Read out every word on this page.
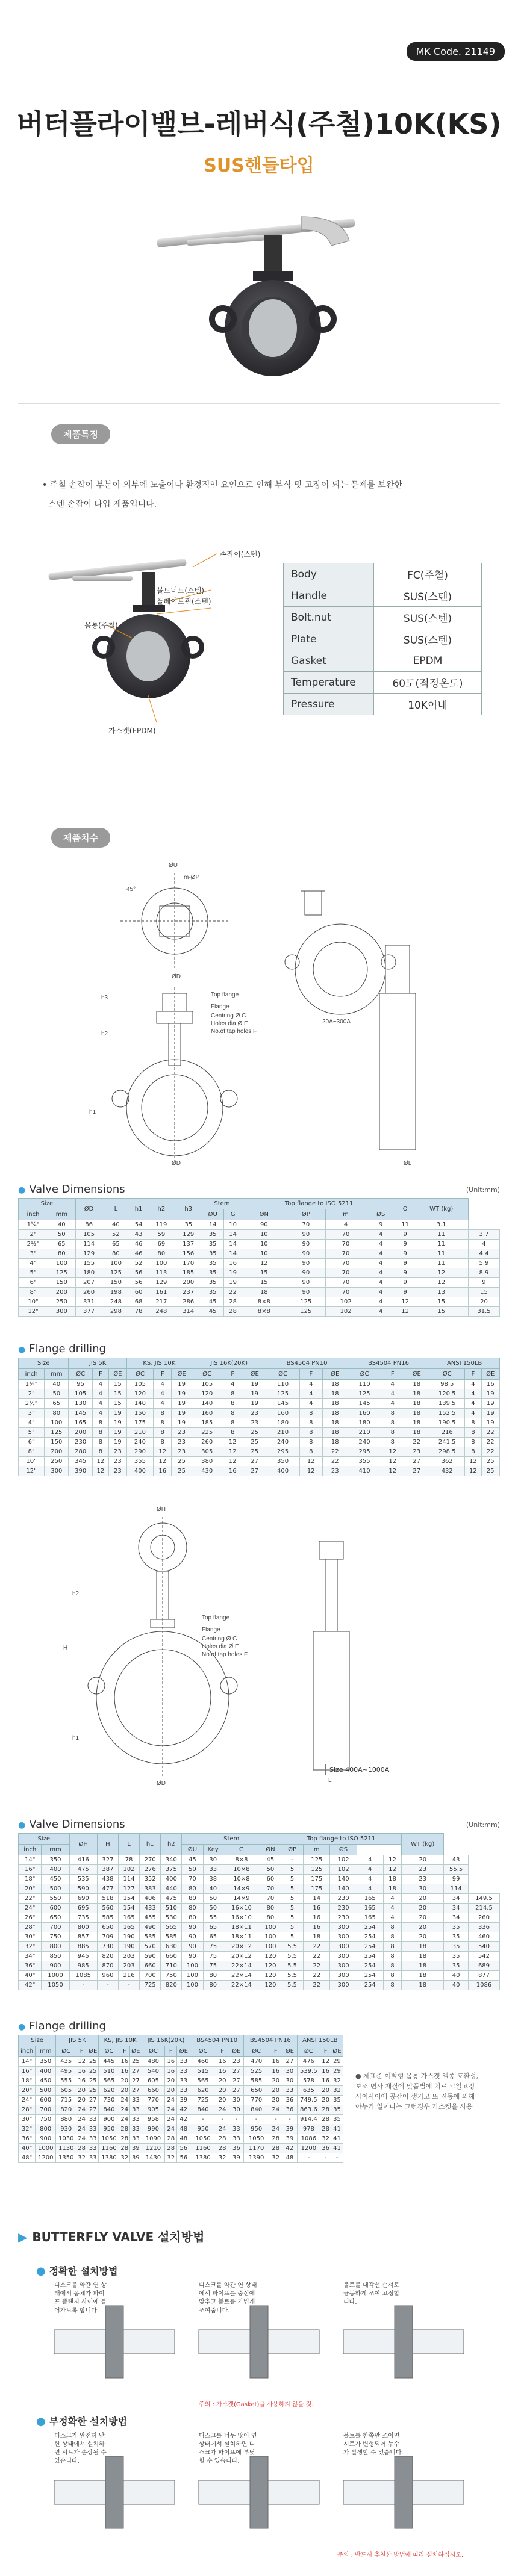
MK Code. 21149
버터플라이밸브-레버식(주철)10K(KS)
SUS핸들타입
제품특징
• 주철 손잡이 부분이 외부에 노출이나 환경적인 요인으로 인해 부식 및 고장이 되는 문제를 보완한
스텐 손잡이 타입 제품입니다.
손잡이(스텐)
볼트너트(스텐)
플레이트핀(스텐)
몸통(주철)
가스켓(EPDM)
Body	FC(주철)
Handle	SUS(스텐)
Bolt.nut	SUS(스텐)
Plate	SUS(스텐)
Gasket	EPDM
Temperature	60도(적정온도)
Pressure	10K이내
제품치수
ØU
m-ØP
ØD
ØD	ØL
h1
h2
h3
45°
20A~300A
Top flange
Flange
Centring Ø C
Holes dia Ø E
No.of tap holes F
● Valve Dimensions	(Unit:mm)
Size		ØD	L	h1	h2	h3	Stem		Top flange to ISO 5211				O	WT (kg)	
inch	mm						ØU	G	ØN	ØP	m	ØS			
1¼"	40	86	40	54	119	35	14	10	90	70	4	9	11	3.1	
2"	50	105	52	43	59	129	35	14	10	90	70	4	9	11	3.7
2½"	65	114	65	46	69	137	35	14	10	90	70	4	9	11	4
3"	80	129	80	46	80	156	35	14	10	90	70	4	9	11	4.4
4"	100	155	100	52	100	170	35	16	12	90	70	4	9	11	5.9
5"	125	180	125	56	113	185	35	19	15	90	70	4	9	12	8.9
6"	150	207	150	56	129	200	35	19	15	90	70	4	9	12	9
8"	200	260	198	60	161	237	35	22	18	90	70	4	9	13	15
10"	250	331	248	68	217	286	45	28	8×8	125	102	4	12	15	20
12"	300	377	298	78	248	314	45	28	8×8	125	102	4	12	15	31.5
● Flange drilling
Size		JIS 5K			KS, JIS 10K			JIS 16K(20K)			BS4504 PN10			BS4504 PN16			ANSI 150LB		
inch	mm	ØC	F	ØE	ØC	F	ØE	ØC	F	ØE	ØC	F	ØE	ØC	F	ØE	ØC	F	ØE
1¼"	40	95	4	15	105	4	19	105	4	19	110	4	18	110	4	18	98.5	4	16
2"	50	105	4	15	120	4	19	120	8	19	125	4	18	125	4	18	120.5	4	19
2½"	65	130	4	15	140	4	19	140	8	19	145	4	18	145	4	18	139.5	4	19
3"	80	145	4	19	150	8	19	160	8	23	160	8	18	160	8	18	152.5	4	19
4"	100	165	8	19	175	8	19	185	8	23	180	8	18	180	8	18	190.5	8	19
5"	125	200	8	19	210	8	23	225	8	25	210	8	18	210	8	18	216	8	22
6"	150	230	8	19	240	8	23	260	12	25	240	8	18	240	8	22	241.5	8	22
8"	200	280	8	23	290	12	23	305	12	25	295	8	22	295	12	23	298.5	8	22
10"	250	345	12	23	355	12	25	380	12	27	350	12	22	355	12	27	362	12	25
12"	300	390	12	23	400	16	25	430	16	27	400	12	23	410	12	27	432	12	25
ØH
ØD
h1
h2
H
L
Top flange
Flange
Centring Ø C
Holes dia Ø E
No.of tap holes F
Size 400A~1000A
● Valve Dimensions	(Unit:mm)
Size		ØH	H	L	h1	h2	Stem				Top flange to ISO 5211					WT (kg)		
inch	mm						ØU	Key	G	ØN	ØP	m	ØS					
14"	350	416	327	78	270	340	45	30	8×8	45	-	125	102	4	12	20	43	
16"	400	475	387	102	276	375	50	33	10×8	50	5	125	102	4	12	23	55.5	
18"	450	535	438	114	352	400	70	38	10×8	60	5	175	140	4	18	23	99	
20"	500	590	477	127	383	440	80	40	14×9	70	5	175	140	4	18	30	114	
22"	550	690	518	154	406	475	80	50	14×9	70	5	14	230	165	4	20	34	149.5
24"	600	695	560	154	433	510	80	50	16×10	80	5	16	230	165	4	20	34	214.5
26"	650	735	585	165	455	530	80	55	16×10	80	5	16	230	165	4	20	34	260
28"	700	800	650	165	490	565	90	65	18×11	100	5	16	300	254	8	20	35	336
30"	750	857	709	190	535	585	90	65	18×11	100	5	18	300	254	8	20	35	460
32"	800	885	730	190	570	630	90	75	20×12	100	5.5	22	300	254	8	18	35	540
34"	850	945	820	203	590	660	90	75	20×12	120	5.5	22	300	254	8	18	35	542
36"	900	985	870	203	660	710	100	75	22×14	120	5.5	22	300	254	8	18	35	689
40"	1000	1085	960	216	700	750	100	80	22×14	120	5.5	22	300	254	8	18	40	877
42"	1050	-	-	-	725	820	100	80	22×14	120	5.5	22	300	254	8	18	40	1086
● Flange drilling
Size		JIS 5K			KS, JIS 10K			JIS 16K(20K)			BS4504 PN10			BS4504 PN16			ANSI 150LB		
inch	mm	ØC	F	ØE	ØC	F	ØE	ØC	F	ØE	ØC	F	ØE	ØC	F	ØE	ØC	F	ØE
14"	350	435	12	25	445	16	25	480	16	33	460	16	23	470	16	27	476	12	29
16"	400	495	16	25	510	16	27	540	16	33	515	16	27	525	16	30	539.5	16	29
18"	450	555	16	25	565	20	27	605	20	33	565	20	27	585	20	30	578	16	32
20"	500	605	20	25	620	20	27	660	20	33	620	20	27	650	20	33	635	20	32
24"	600	715	20	27	730	24	33	770	24	39	725	20	30	770	20	36	749.5	20	35
28"	700	820	24	27	840	24	33	905	24	42	840	24	30	840	24	36	863.6	28	35
30"	750	880	24	33	900	24	33	958	24	42	-	-	-	-	-	-	914.4	28	35
32"	800	930	24	33	950	28	33	990	24	48	950	24	33	950	24	39	978	28	41
36"	900	1030	24	33	1050	28	33	1090	28	48	1050	28	33	1050	28	39	1086	32	41
40"	1000	1130	28	33	1160	28	39	1210	28	56	1160	28	36	1170	28	42	1200	36	41
48"	1200	1350	32	33	1380	32	39	1430	32	56	1380	32	39	1390	32	48	-	-	-
● 제표준 이빨형 몸통 가스켓 앨쏭 호환성,
보조 면사 재질에 맞품별에 치료 코일고정
사이사이에 공간이 생기고 또 진동에 의해
야누가 일어나는 그런경우 가스켓을 사용
▶ BUTTERFLY VALVE 설치방법
● 정확한 설치방법
디스크를 약간 연 상태에서 몸체가 파이프 플랜지 사이에 들어가도록 합니다.
디스크를 약간 연 상태에서 파이프를 중심에 맞추고 볼트를 가볍게 조여줍니다.
볼트를 대각선 순서로 균등하게 조여 고정합니다.
주의 : 가스켓(Gasket)을 사용하지 않을 것.
● 부정확한 설치방법
디스크가 완전히 닫힌 상태에서 설치하면 시트가 손상될 수 있습니다.
디스크를 너무 많이 연 상태에서 설치하면 디스크가 파이프에 부딪힐 수 있습니다.
볼트를 한쪽만 조이면 시트가 변형되어 누수가 발생할 수 있습니다.
주의 : 반드시 추천한 방법에 따라 설치하십시오.
